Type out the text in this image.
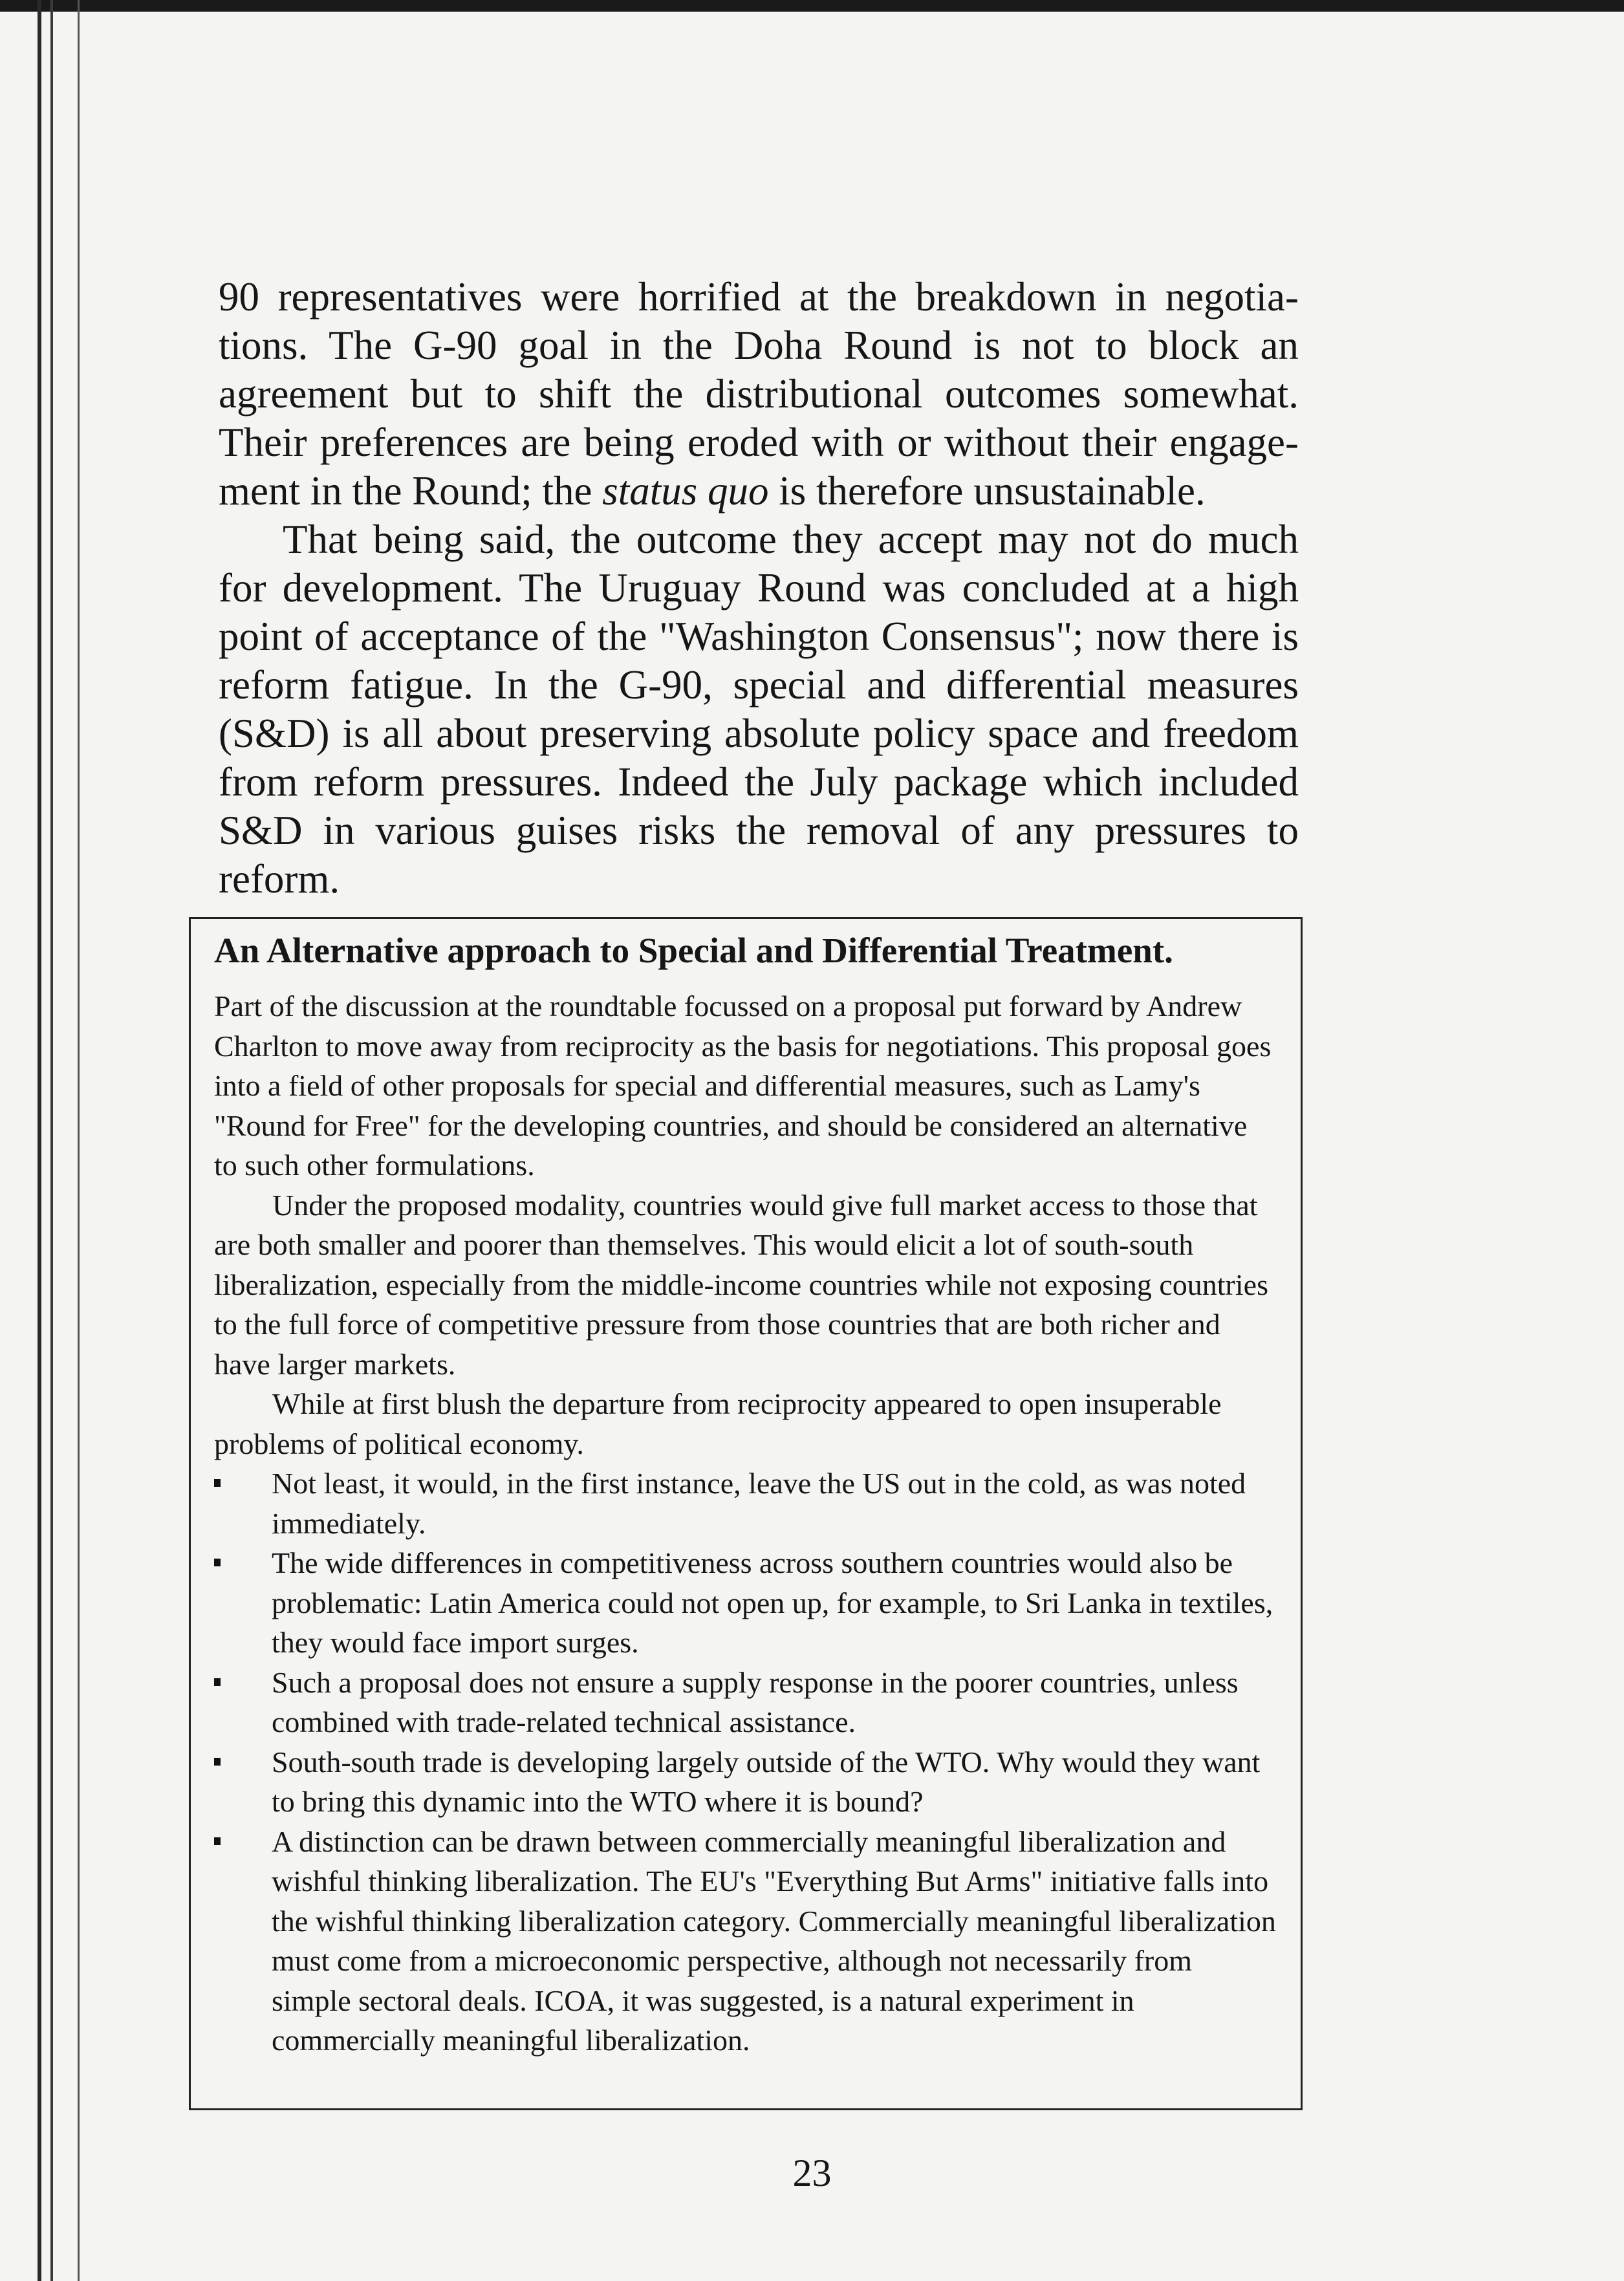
90 representatives were horrified at the breakdown in negotiations. The G-90 goal in the Doha Round is not to block an agreement but to shift the distributional outcomes somewhat. Their preferences are being eroded with or without their engagement in the Round; the status quo is therefore unsustainable.

That being said, the outcome they accept may not do much for development. The Uruguay Round was concluded at a high point of acceptance of the "Washington Consensus"; now there is reform fatigue. In the G-90, special and differential measures (S&D) is all about preserving absolute policy space and freedom from reform pressures. Indeed the July package which included S&D in various guises risks the removal of any pressures to reform.

An Alternative approach to Special and Differential Treatment.

Part of the discussion at the roundtable focussed on a proposal put forward by Andrew Charlton to move away from reciprocity as the basis for negotiations. This proposal goes into a field of other proposals for special and differential measures, such as Lamy's "Round for Free" for the developing countries, and should be considered an alternative to such other formulations.

Under the proposed modality, countries would give full market access to those that are both smaller and poorer than themselves. This would elicit a lot of south-south liberalization, especially from the middle-income countries while not exposing countries to the full force of competitive pressure from those countries that are both richer and have larger markets.

While at first blush the departure from reciprocity appeared to open insuperable problems of political economy.

Not least, it would, in the first instance, leave the US out in the cold, as was noted immediately.
The wide differences in competitiveness across southern countries would also be problematic: Latin America could not open up, for example, to Sri Lanka in textiles, they would face import surges.
Such a proposal does not ensure a supply response in the poorer countries, unless combined with trade-related technical assistance.
South-south trade is developing largely outside of the WTO. Why would they want to bring this dynamic into the WTO where it is bound?
A distinction can be drawn between commercially meaningful liberalization and wishful thinking liberalization. The EU's "Everything But Arms" initiative falls into the wishful thinking liberalization category. Commercially meaningful liberalization must come from a microeconomic perspective, although not necessarily from simple sectoral deals. ICOA, it was suggested, is a natural experiment in commercially meaningful liberalization.
23
